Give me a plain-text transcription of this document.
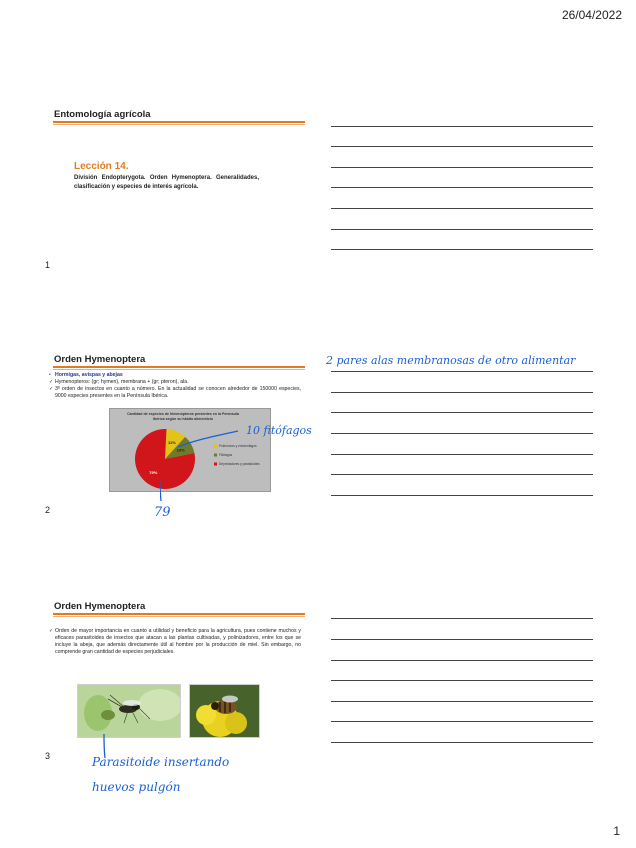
26/04/2022
Entomología agrícola
Lección 14.
División Endopterygota. Orden Hymenoptera. Generalidades, clasificación y especies de interés agrícola.
1
Orden Hymenoptera
• Hormigas, avispas y abejas
✓ Hymenopteros: (gr; hymen), membrana + (gr; pteron), ala.
✓ 3º orden de insectos en cuanto a número. En la actualidad se conocen alrededor de 150000 especies, 9000 especies presentes en la Península Ibérica.
Cantidad de especies de himenópteros presentes en la Península Ibérica según su hábito alimenticio
11%
10%
79%
Polinívoros y entomófagos
Fitófagos
Depredadores y parasitoides
2
2 pares alas membranosas de otro alimentar
10 fitófagos
79
Orden Hymenoptera
✓ Orden de mayor importancia en cuanto a utilidad y beneficio para la agricultura, pues contiene muchos y eficaces parasitoides de insectos que atacan a las plantas cultivadas, y polinizadores, entre los que se incluye la abeja, que además directamente útil al hombre por la producción de miel. Sin embargo, no comprende gran cantidad de especies perjudiciales.
3	Parasitoide insertando
huevos pulgón
1
